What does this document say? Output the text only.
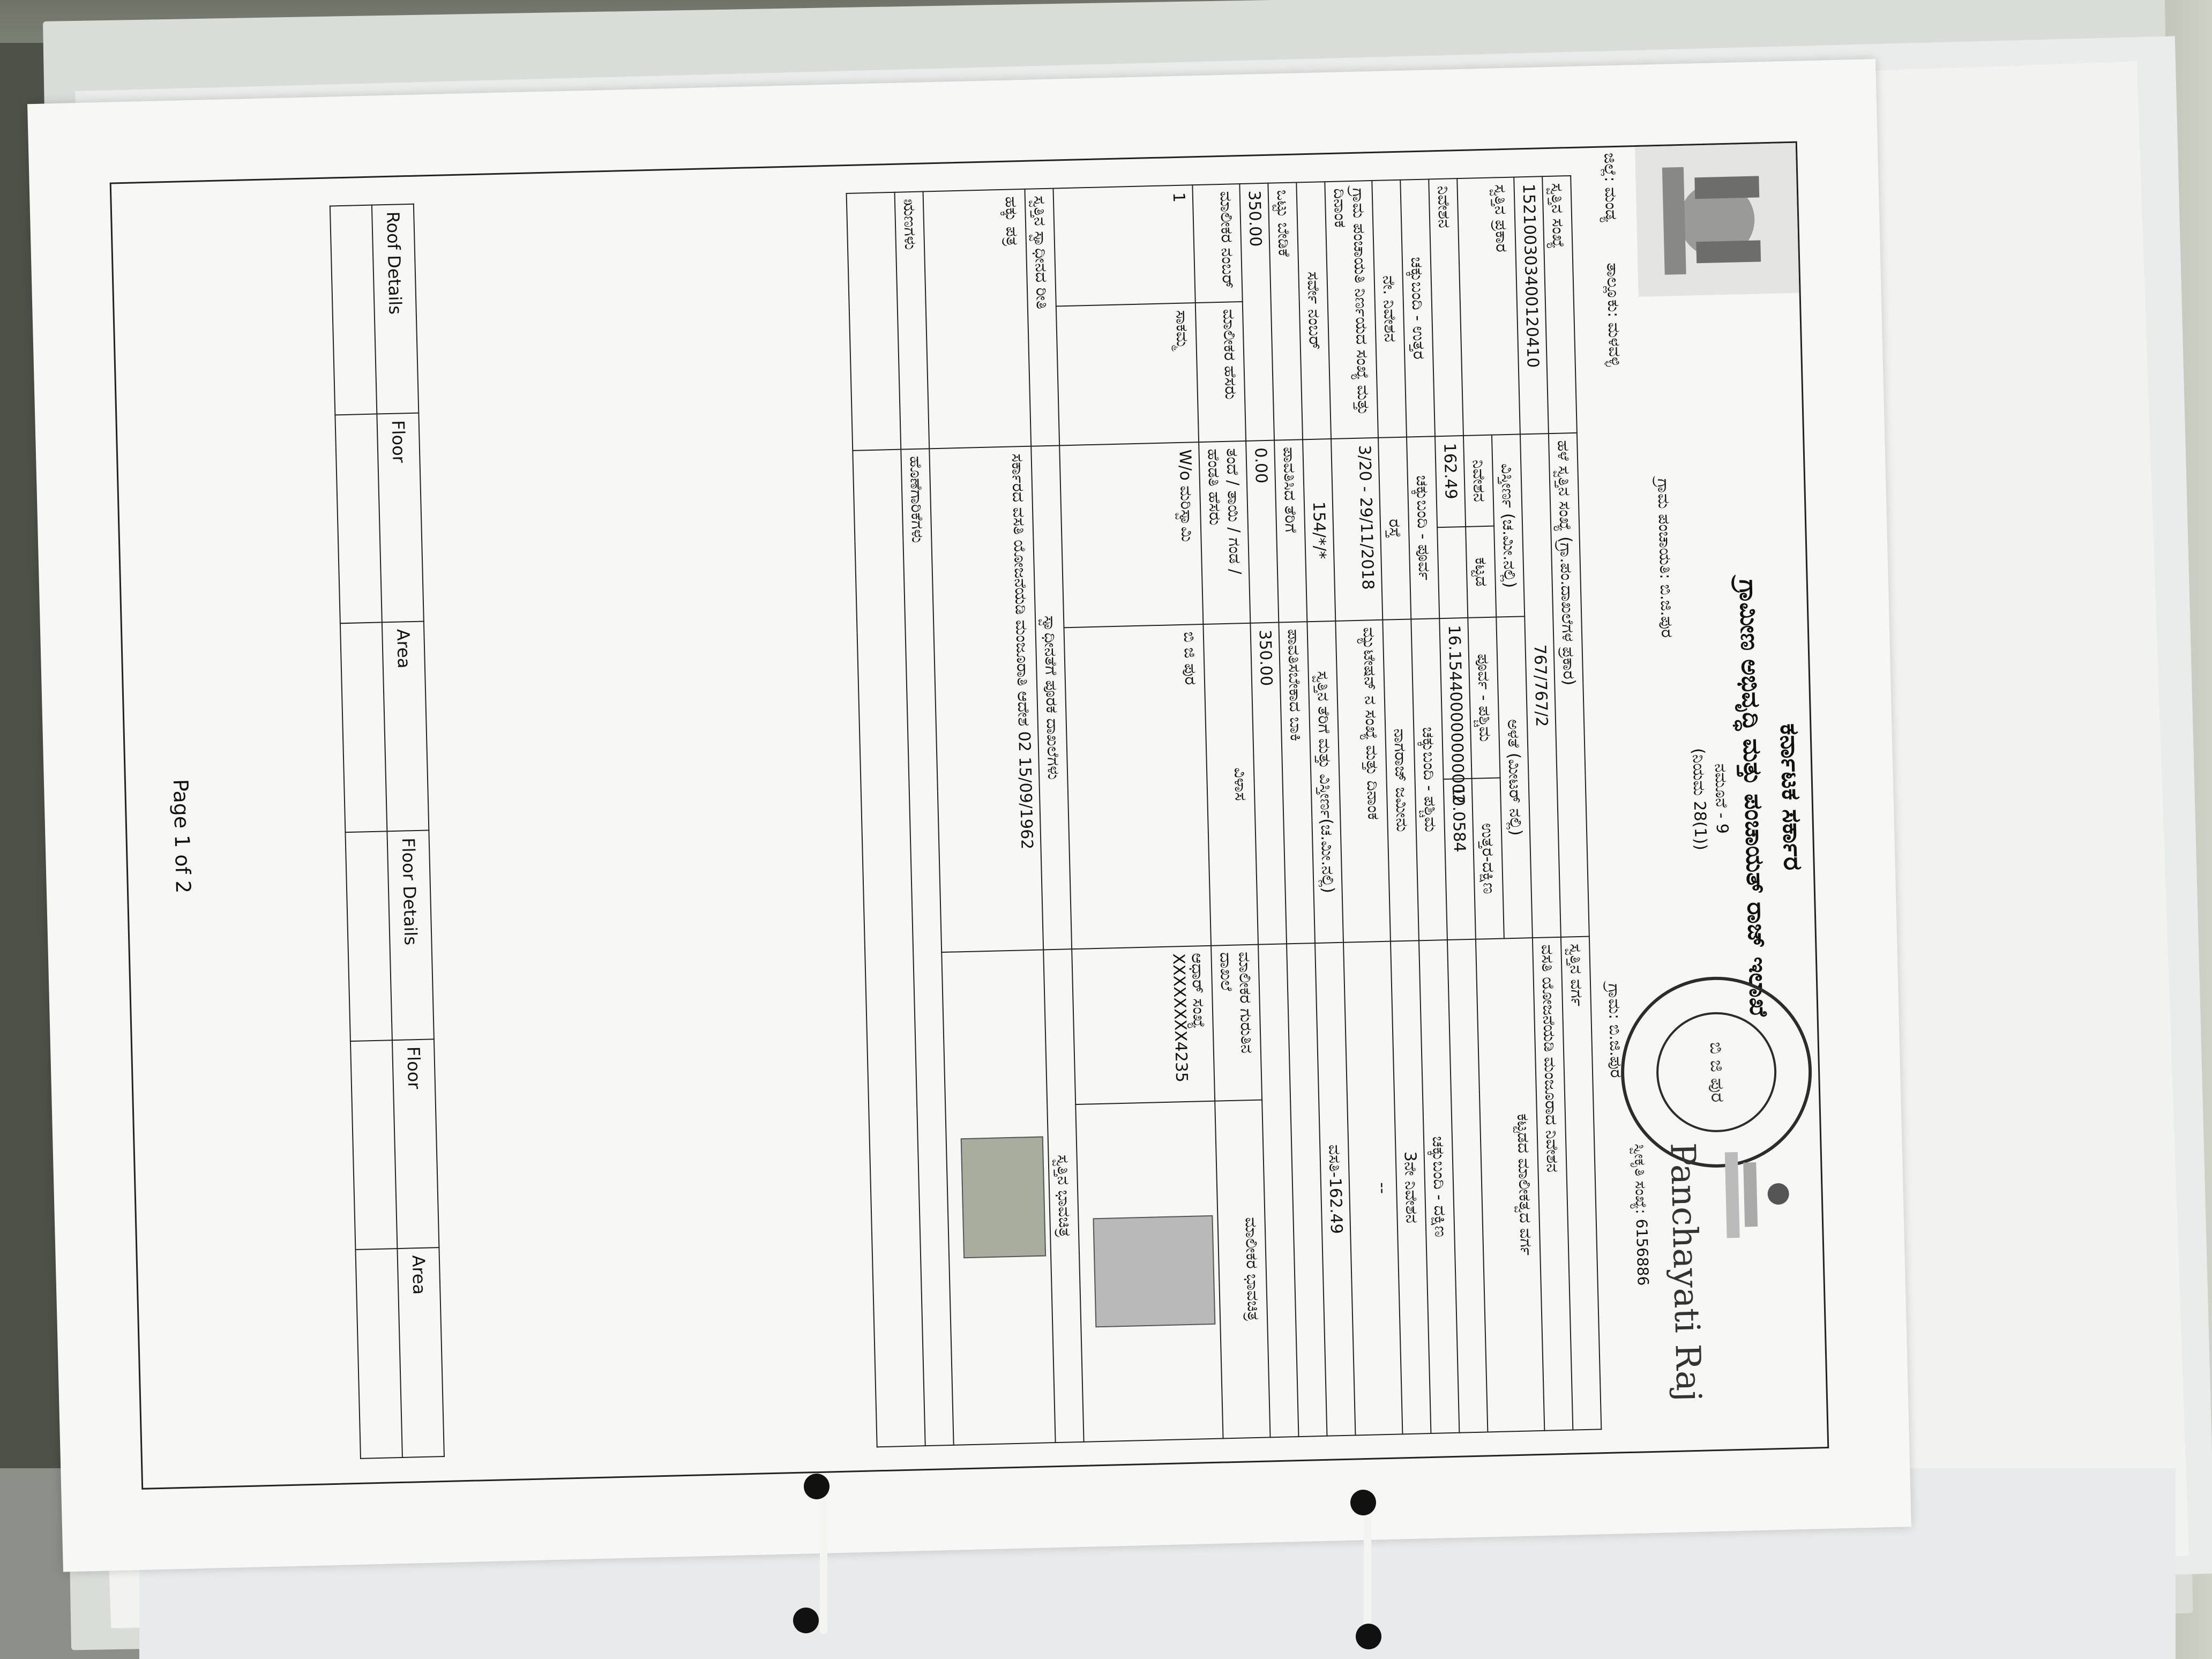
ಜಿಲ್ಲೆ: ಮಂಡ್ಯ        ತಾಲ್ಲೂಕು: ಮಳವಳ್ಳಿ
ಕರ್ನಾಟಕ ಸರ್ಕಾರ
ಗ್ರಾಮೀಣ ಅಭಿವೃದ್ಧಿ ಮತ್ತು ಪಂಚಾಯತ್ ರಾಜ್ ಇಲಾಖೆ
ನಮೂನೆ - 9
(ನಿಯಮ 28(1))
ಗ್ರಾಮ ಪಂಚಾಯತಿ: ಬಿ.ಜಿ.ಪುರ
ಬಿ ಜಿ ಪುರ
Panchayati Raj
ಸ್ವೀಕೃತಿ ಸಂಖ್ಯೆ: 6156886
ಗ್ರಾಮ: ಬಿ.ಜಿ.ಪುರ
ಸ್ವತ್ತಿನ ಸಂಖ್ಯೆ		ಹಳೆ ಸ್ವತ್ತಿನ ಸಂಖ್ಯೆ (ಗ್ರಾ.ಪಂ.ದಾಖಲೆಗಳ ಪ್ರಕಾರ)				ಸ್ವತ್ತಿನ ವರ್ಗ	
152100303400120410		767/767/2				ವಸತಿ ಯೋಜನೆಯಡಿ ಮಂಜೂರಾದ ನಿವೇಶನ	
ಸ್ವತ್ತಿನ ಪ್ರಕಾರ		ವಿಸ್ತೀರ್ಣ (ಚ.ಮೀ.ನಲ್ಲಿ)		ಅಳತೆ (ಮೀಟರ್ ನಲ್ಲಿ)		ಕಟ್ಟಡದ ಮಾಲೀಕತ್ವದ ವರ್ಗ	
		ನಿವೇಶನ	ಕಟ್ಟಡ	ಪೂರ್ವ - ಪಶ್ಚಿಮ	ಉತ್ತರ-ದಕ್ಷಿಣ		
ನಿವೇಶನ		162.49		16.154400000000002	10.0584		
ಚಕ್ಕುಬಂದಿ - ಉತ್ತರ		ಚಕ್ಕುಬಂದಿ - ಪೂರ್ವ		ಚಕ್ಕುಬಂದಿ - ಪಶ್ಚಿಮ		ಚಕ್ಕುಬಂದಿ - ದಕ್ಷಿಣ	
ನೇ. ನಿವೇಶನ		ರಸ್ತೆ		ನಾಗರಾಜ್ ಜಮೀನು		3ನೇ ನಿವೇಶನ	
ಗ್ರಾಮ ಪಂಚಾಯತಿ ನಿರ್ಣಯದ ಸಂಖ್ಯೆ ಮತ್ತು ದಿನಾಂಕ		3/20 - 29/11/2018		ಮ್ಯುಟೇಷನ್ ನ ಸಂಖ್ಯೆ ಮತ್ತು ದಿನಾಂಕ		--	
ಸರ್ವೇ ನಂಬರ್		154/*/*		ಸ್ವತ್ತಿನ ತೆರಿಗೆ ಮತ್ತು ವಿಸ್ತೀರ್ಣ(ಚ.ಮೀ.ನಲ್ಲಿ)		ವಸತಿ-162.49	
ಒಟ್ಟು ಬೇಡಿಕೆ		ಪಾವತಿಸಿದ ತೆರಿಗೆ		ಪಾವತಿಸಬೇಕಾದ ಬಾಕಿ			
350.00		0.00		350.00			
ಮಾಲೀಕರ ನಂಬರ್	ಮಾಲೀಕರ ಹೆಸರು	ತಂದೆ / ತಾಯಿ / ಗಂಡ / ಹೆಂಡತಿ ಹೆಸರು		ವಿಳಾಸ		ಮಾಲೀಕರ ಗುರುತಿನ ದಾಖಲೆ	ಮಾಲೀಕರ ಭಾವಚಿತ್ರ
1	ಸಾಕಮ್ಮ	W/o ಮರಿಸ್ವಾಮಿ		ಬಿ ಜಿ ಪುರ		ಆಧಾರ್ ಸಂಖ್ಯೆ XXXXXXXX4235	
ಸ್ವತ್ತಿನ ಸ್ವಾಧೀನದ ರೀತಿ		ಸ್ವಾಧೀನತೆಗೆ ಪೂರಕ ದಾಖಲೆಗಳು				ಸ್ವತ್ತಿನ ಭಾವಚಿತ್ರ	
ಹಕ್ಕು ಪತ್ರ		ಸರ್ಕಾರದ ವಸತಿ ಯೋಜನೆಯಡಿ ಮಂಜೂರಾತಿ ಆದೇಶ 02 15/09/1962					
ಋಣಗಳು		ಹೊಣೆಗಾರಿಕೆಗಳು					

Roof Details	Floor	Area	Floor Details	Floor	Area

Page 1 of 2
